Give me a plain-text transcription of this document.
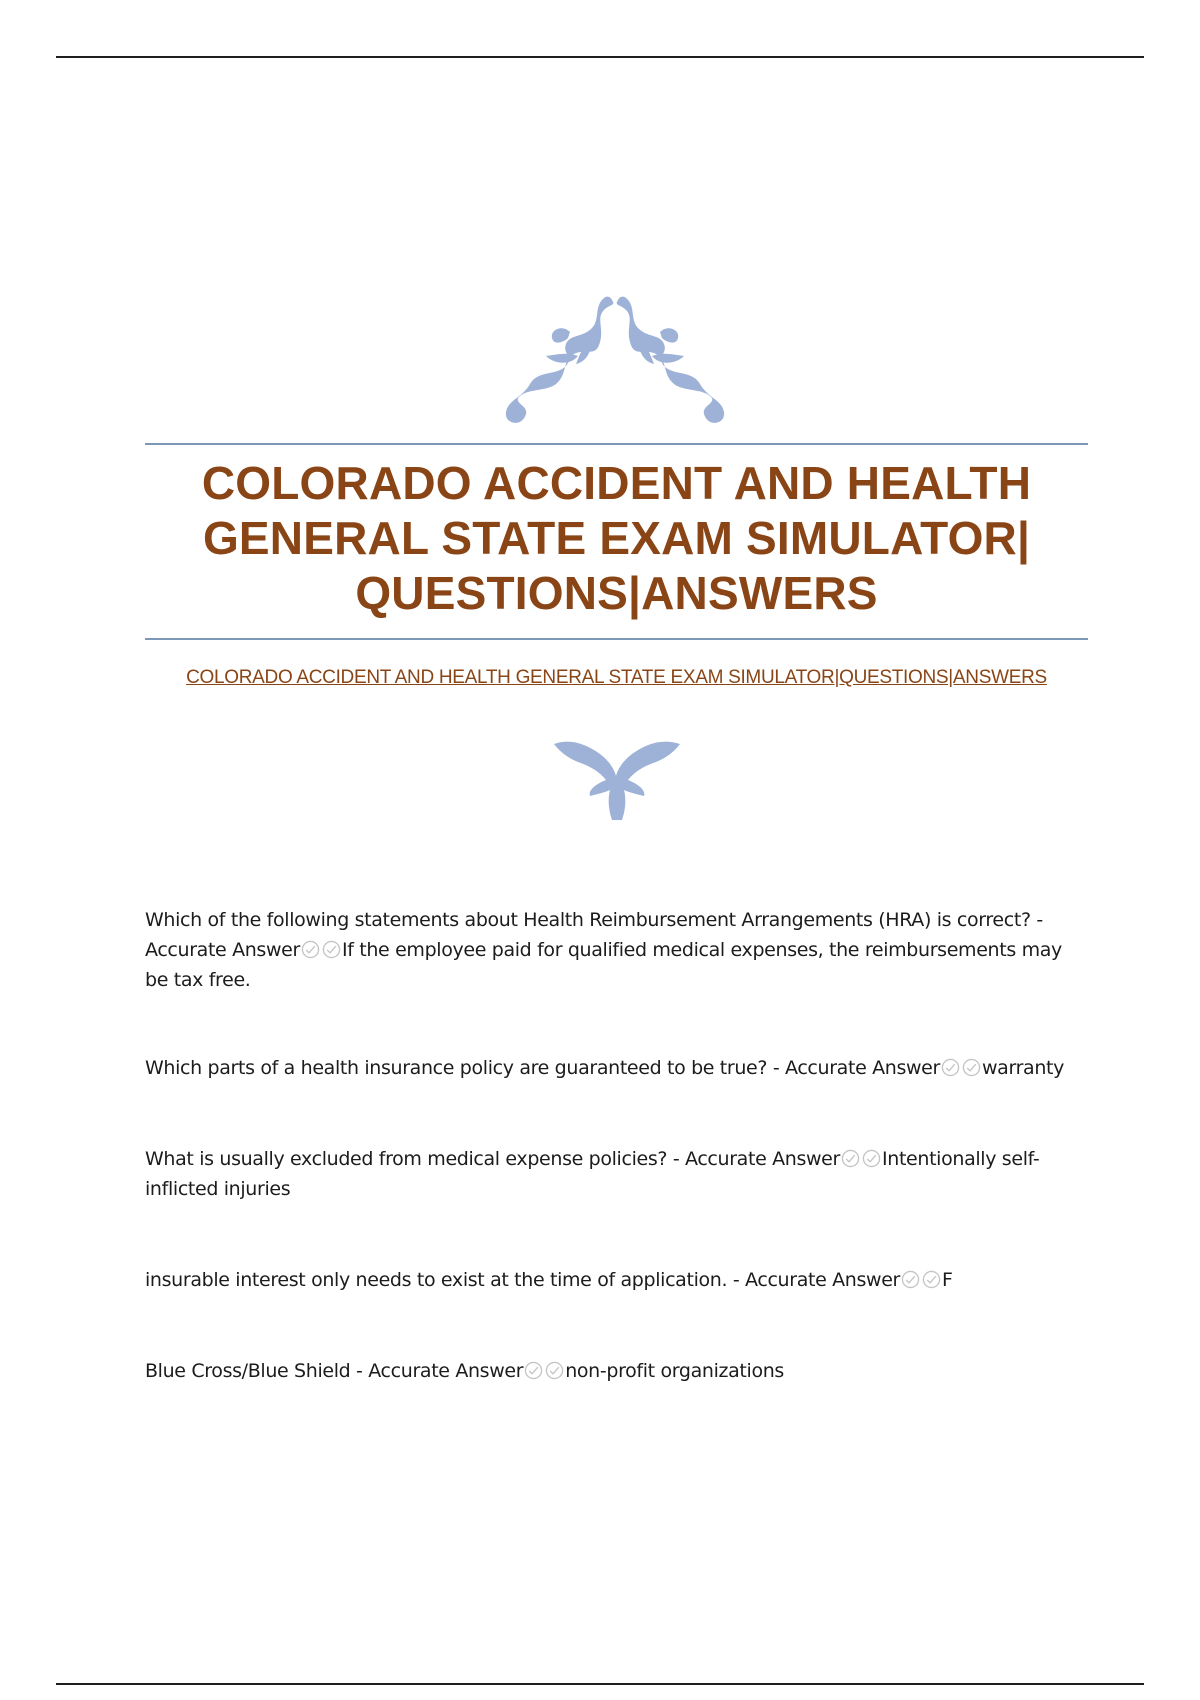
COLORADO ACCIDENT AND HEALTH GENERAL STATE EXAM SIMULATOR| QUESTIONS|ANSWERS
COLORADO ACCIDENT AND HEALTH GENERAL STATE EXAM SIMULATOR|QUESTIONS|ANSWERS
Which of the following statements about Health Reimbursement Arrangements (HRA) is correct? - Accurate Answer If the employee paid for qualified medical expenses, the reimbursements may be tax free.
Which parts of a health insurance policy are guaranteed to be true? - Accurate Answer warranty
What is usually excluded from medical expense policies? - Accurate Answer Intentionally self-inflicted injuries
insurable interest only needs to exist at the time of application. - Accurate Answer F
Blue Cross/Blue Shield - Accurate Answer non-profit organizations
